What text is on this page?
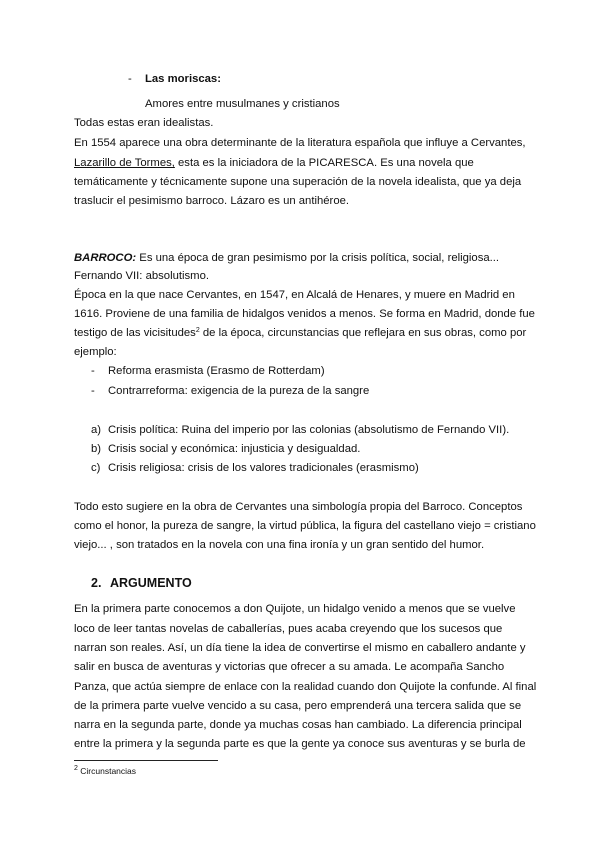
- Las moriscas:
Amores entre musulmanes y cristianos
Todas estas eran idealistas.
En 1554 aparece una obra determinante de la literatura española que influye a Cervantes,
Lazarillo de Tormes, esta es la iniciadora de la PICARESCA. Es una novela que
temáticamente y técnicamente supone una superación de la novela idealista, que ya deja
traslucir el pesimismo barroco. Lázaro es un antihéroe.
BARROCO: Es una época de gran pesimismo por la crisis política, social, religiosa...
Fernando VII: absolutismo.
Época en la que nace Cervantes, en 1547, en Alcalá de Henares, y muere en Madrid en
1616. Proviene de una familia de hidalgos venidos a menos. Se forma en Madrid, donde fue
testigo de las vicisitudes$^2$ de la época, circunstancias que reflejara en sus obras, como por
ejemplo:
- Reforma erasmista (Erasmo de Rotterdam)
- Contrarreforma: exigencia de la pureza de la sangre
a) Crisis política: Ruina del imperio por las colonias (absolutismo de Fernando VII).
b) Crisis social y económica: injusticia y desigualdad.
c) Crisis religiosa: crisis de los valores tradicionales (erasmismo)
Todo esto sugiere en la obra de Cervantes una simbología propia del Barroco. Conceptos
como el honor, la pureza de sangre, la virtud pública, la figura del castellano viejo = cristiano
viejo... , son tratados en la novela con una fina ironía y un gran sentido del humor.
2. ARGUMENTO
En la primera parte conocemos a don Quijote, un hidalgo venido a menos que se vuelve
loco de leer tantas novelas de caballerías, pues acaba creyendo que los sucesos que
narran son reales. Así, un día tiene la idea de convertirse el mismo en caballero andante y
salir en busca de aventuras y victorias que ofrecer a su amada. Le acompaña Sancho
Panza, que actúa siempre de enlace con la realidad cuando don Quijote la confunde. Al final
de la primera parte vuelve vencido a su casa, pero emprenderá una tercera salida que se
narra en la segunda parte, donde ya muchas cosas han cambiado. La diferencia principal
entre la primera y la segunda parte es que la gente ya conoce sus aventuras y se burla de
$^2$ Circunstancias
